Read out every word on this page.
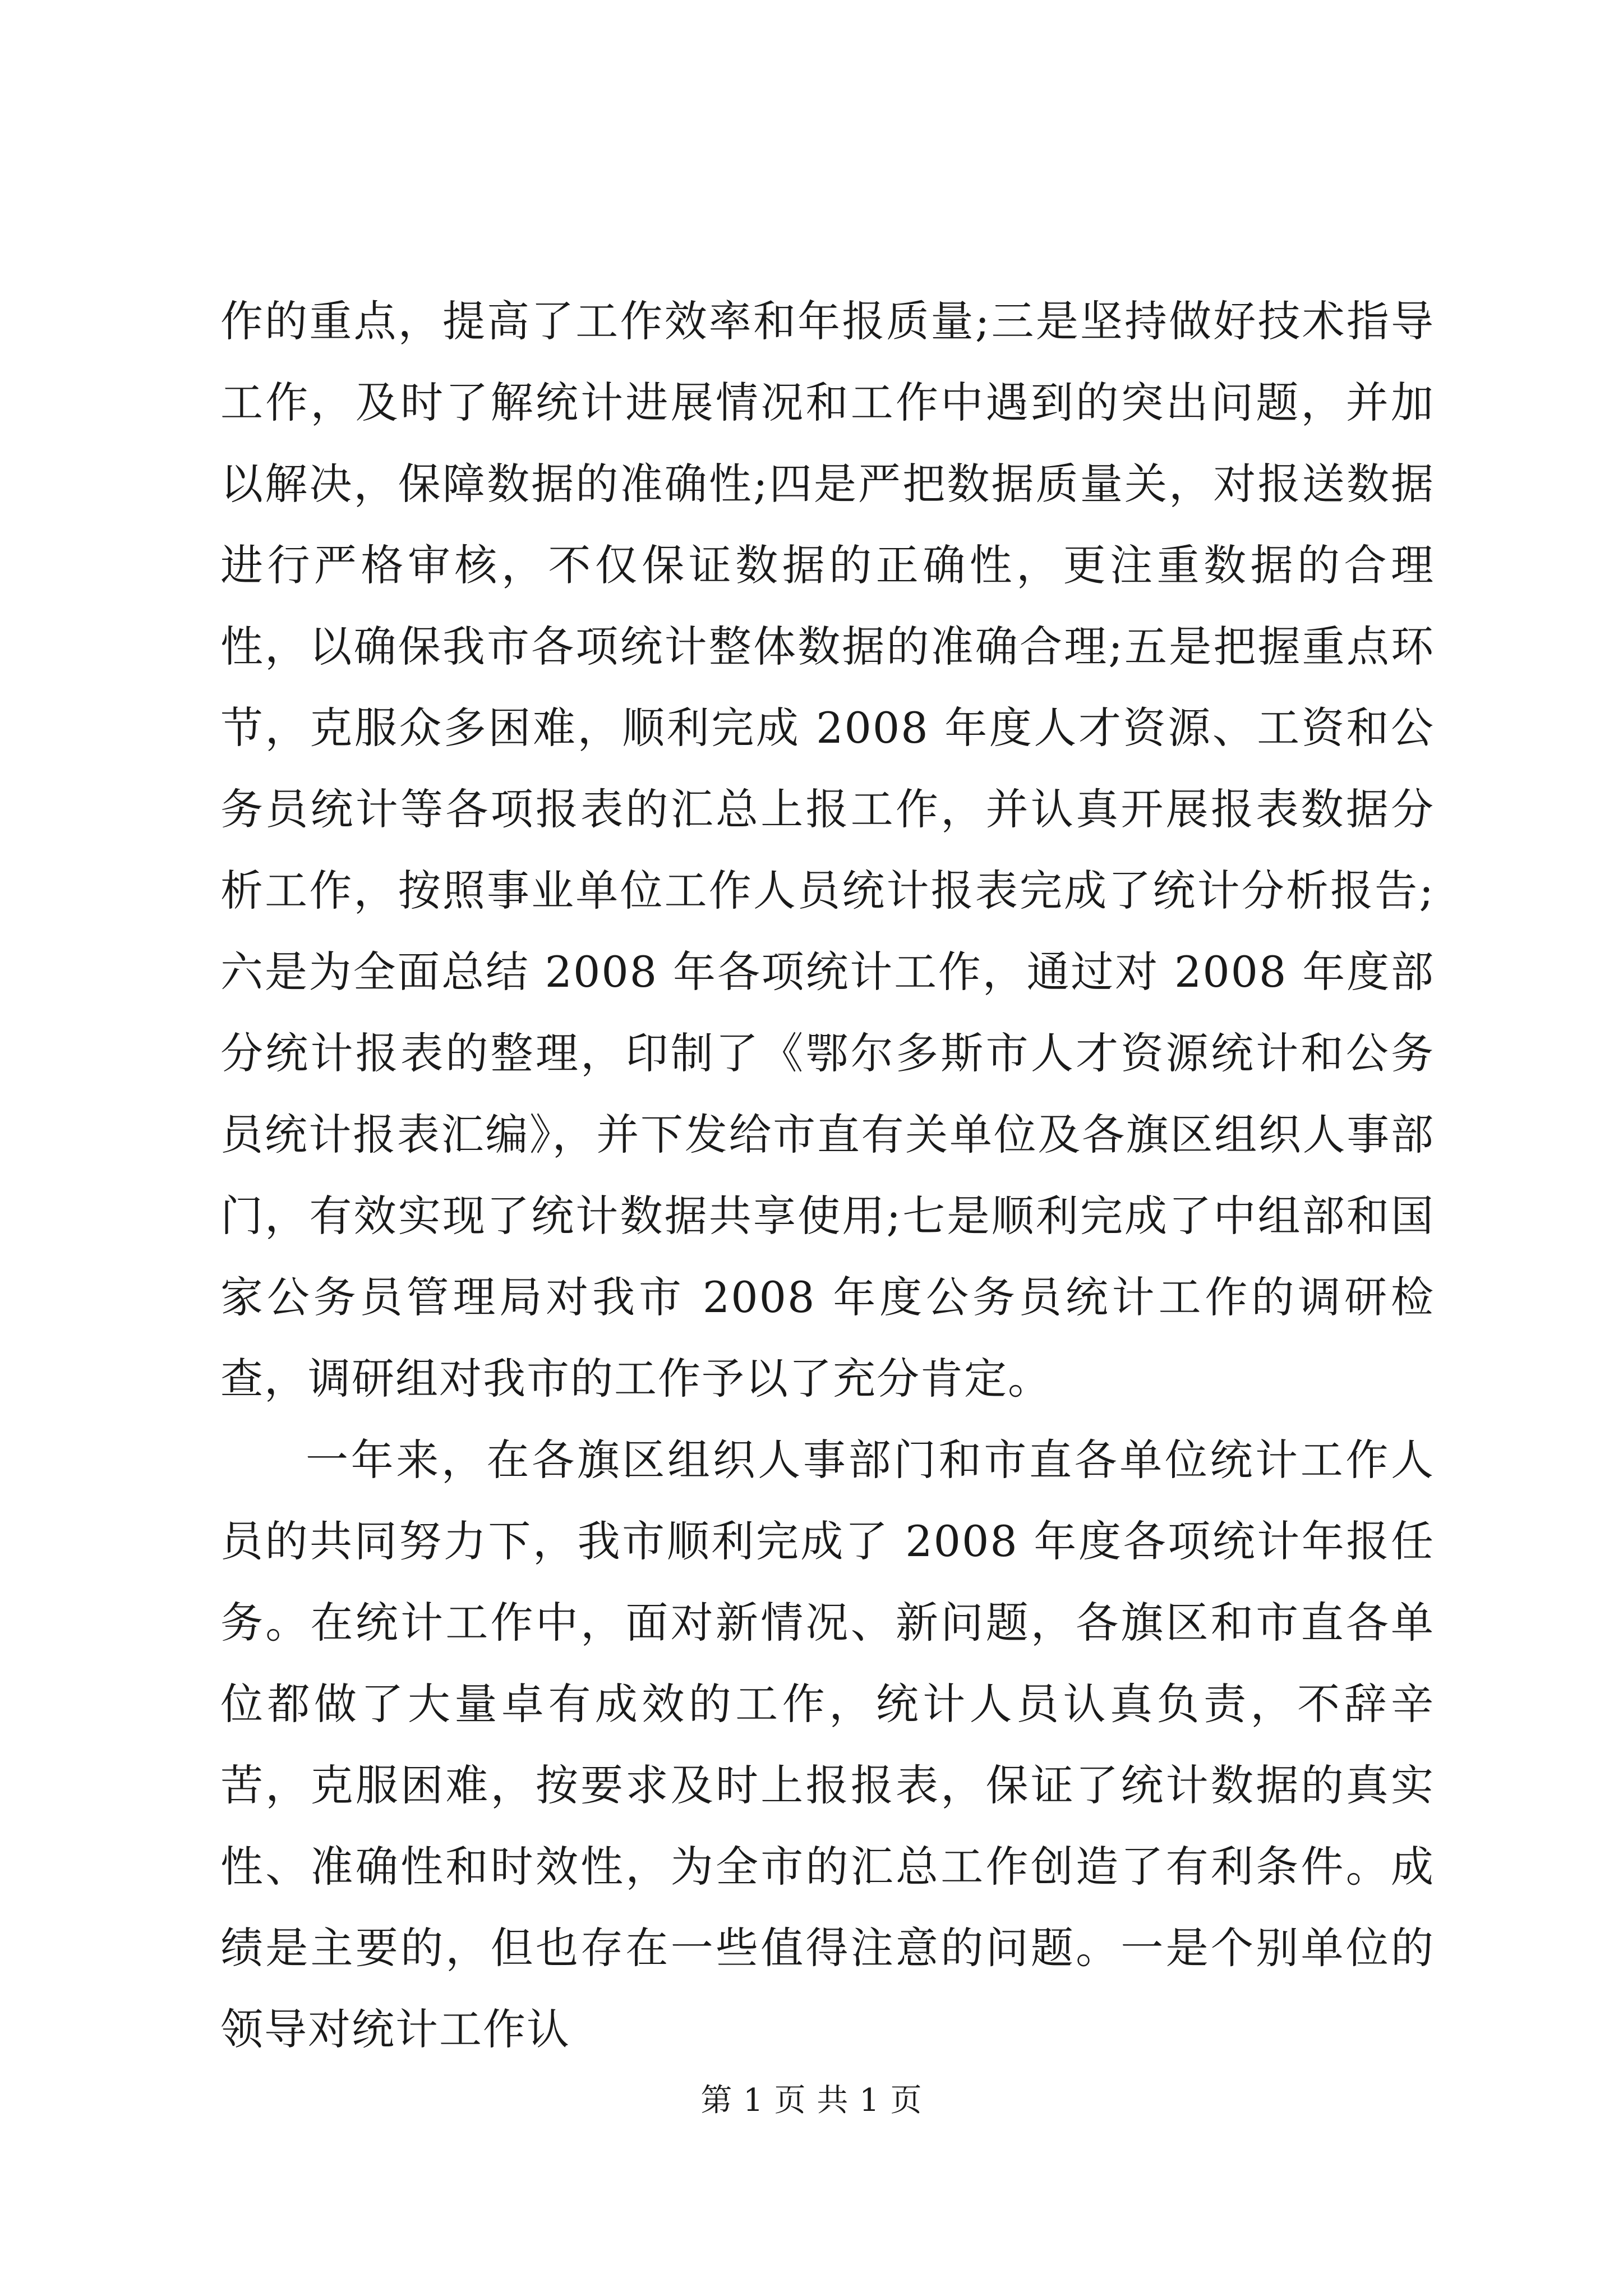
作的重点，提高了工作效率和年报质量;三是坚持做好技术指导工作，及时了解统计进展情况和工作中遇到的突出问题，并加以解决，保障数据的准确性;四是严把数据质量关，对报送数据进行严格审核，不仅保证数据的正确性，更注重数据的合理性，以确保我市各项统计整体数据的准确合理;五是把握重点环节，克服众多困难，顺利完成 2008 年度人才资源、工资和公务员统计等各项报表的汇总上报工作，并认真开展报表数据分析工作，按照事业单位工作人员统计报表完成了统计分析报告;六是为全面总结 2008 年各项统计工作，通过对 2008 年度部分统计报表的整理，印制了《鄂尔多斯市人才资源统计和公务员统计报表汇编》，并下发给市直有关单位及各旗区组织人事部门，有效实现了统计数据共享使用;七是顺利完成了中组部和国家公务员管理局对我市 2008 年度公务员统计工作的调研检查，调研组对我市的工作予以了充分肯定。

一年来，在各旗区组织人事部门和市直各单位统计工作人员的共同努力下，我市顺利完成了 2008 年度各项统计年报任务。在统计工作中，面对新情况、新问题，各旗区和市直各单位都做了大量卓有成效的工作，统计人员认真负责，不辞辛苦，克服困难，按要求及时上报报表，保证了统计数据的真实性、准确性和时效性，为全市的汇总工作创造了有利条件。成绩是主要的，但也存在一些值得注意的问题。一是个别单位的领导对统计工作认

第 1 页 共 1 页
